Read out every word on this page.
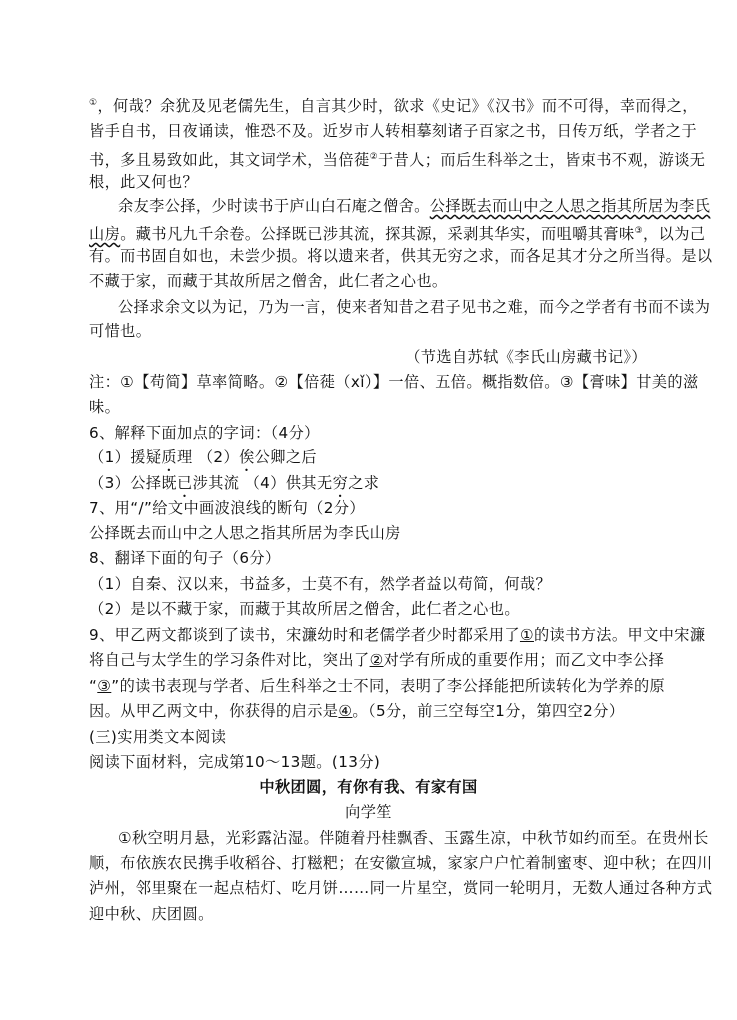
①，何哉？余犹及见老儒先生，自言其少时，欲求《史记》《汉书》而不可得，幸而得之，
皆手自书，日夜诵读，惟恐不及。近岁市人转相摹刻诸子百家之书，日传万纸，学者之于
书，多且易致如此，其文词学术，当倍蓰②于昔人；而后生科举之士，皆束书不观，游谈无
根，此又何也？
余友李公择，少时读书于庐山白石庵之僧舍。公择既去而山中之人思之指其所居为李氏
山房。藏书凡九千余卷。公择既已涉其流，探其源，采剥其华实，而咀嚼其膏味③，以为己
有。而书固自如也，未尝少损。将以遗来者，供其无穷之求，而各足其才分之所当得。是以
不藏于家，而藏于其故所居之僧舍，此仁者之心也。
公择求余文以为记，乃为一言，使来者知昔之君子见书之难，而今之学者有书而不读为
可惜也。
（节选自苏轼《李氏山房藏书记》）
注：①【苟简】草率简略。②【倍蓰（xǐ）】一倍、五倍。概指数倍。③【膏味】甘美的滋
味。
6、解释下面加点的字词：（4分）
（1）援疑质理 （2）俟公卿之后
（3）公择既已涉其流 （4）供其无穷之求
7、用“/”给文中画波浪线的断句（2分）
公择既去而山中之人思之指其所居为李氏山房
8、翻译下面的句子（6分）
（1）自秦、汉以来，书益多，士莫不有，然学者益以苟简，何哉？
（2）是以不藏于家，而藏于其故所居之僧舍，此仁者之心也。
9、甲乙两文都谈到了读书，宋濂幼时和老儒学者少时都采用了①的读书方法。甲文中宋濂
将自己与太学生的学习条件对比，突出了②对学有所成的重要作用；而乙文中李公择
“③”的读书表现与学者、后生科举之士不同，表明了李公择能把所读转化为学养的原
因。从甲乙两文中，你获得的启示是④。（5分，前三空每空1分，第四空2分）
(三)实用类文本阅读
阅读下面材料，完成第10～13题。(13分)
中秋团圆，有你有我、有家有国
向学笙
①秋空明月悬，光彩露沾湿。伴随着丹桂飘香、玉露生凉，中秋节如约而至。在贵州长
顺，布依族农民携手收稻谷、打糍粑；在安徽宣城，家家户户忙着制蜜枣、迎中秋；在四川
泸州，邻里聚在一起点桔灯、吃月饼……同一片星空，赏同一轮明月，无数人通过各种方式
迎中秋、庆团圆。
